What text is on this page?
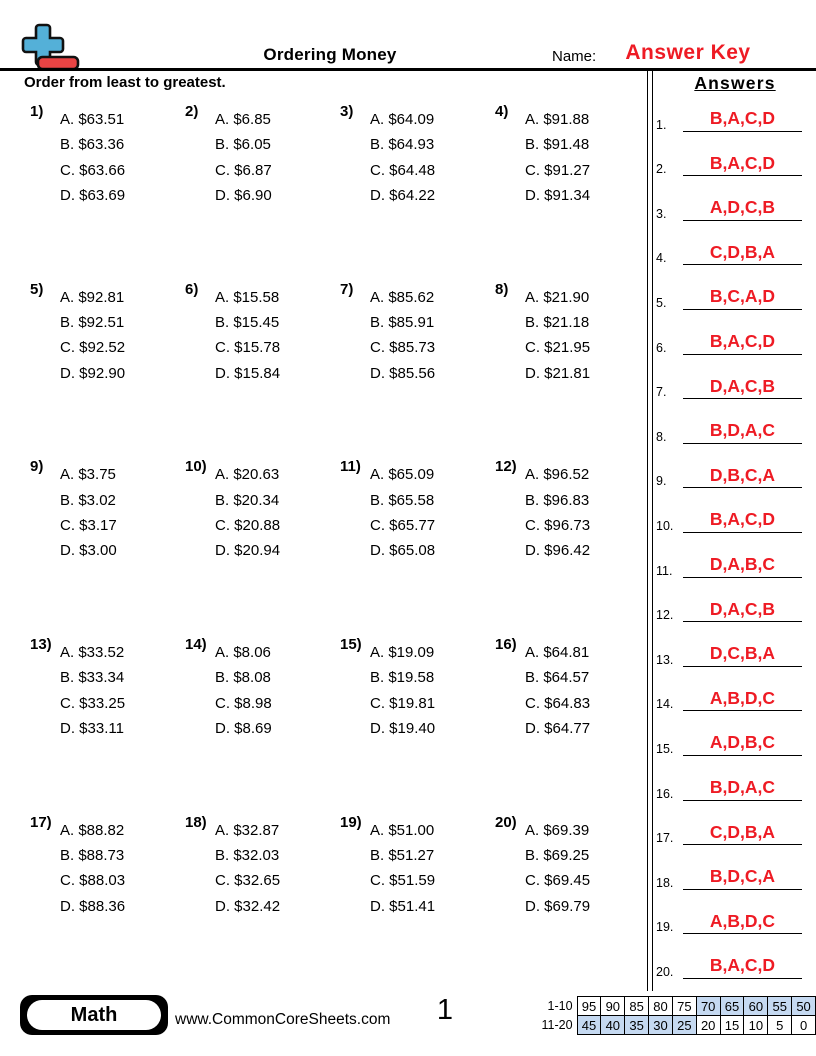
Ordering Money	Name:	Answer Key
Order from least to greatest.
1) A. $63.51
B. $63.36
C. $63.66
D. $63.69
2) A. $6.85
B. $6.05
C. $6.87
D. $6.90
3) A. $64.09
B. $64.93
C. $64.48
D. $64.22
4) A. $91.88
B. $91.48
C. $91.27
D. $91.34
5) A. $92.81
B. $92.51
C. $92.52
D. $92.90
6) A. $15.58
B. $15.45
C. $15.78
D. $15.84
7) A. $85.62
B. $85.91
C. $85.73
D. $85.56
8) A. $21.90
B. $21.18
C. $21.95
D. $21.81
9) A. $3.75
B. $3.02
C. $3.17
D. $3.00
10) A. $20.63
B. $20.34
C. $20.88
D. $20.94
11) A. $65.09
B. $65.58
C. $65.77
D. $65.08
12) A. $96.52
B. $96.83
C. $96.73
D. $96.42
13) A. $33.52
B. $33.34
C. $33.25
D. $33.11
14) A. $8.06
B. $8.08
C. $8.98
D. $8.69
15) A. $19.09
B. $19.58
C. $19.81
D. $19.40
16) A. $64.81
B. $64.57
C. $64.83
D. $64.77
17) A. $88.82
B. $88.73
C. $88.03
D. $88.36
18) A. $32.87
B. $32.03
C. $32.65
D. $32.42
19) A. $51.00
B. $51.27
C. $51.59
D. $51.41
20) A. $69.39
B. $69.25
C. $69.45
D. $69.79
Answers
1.	B,A,C,D
2.	B,A,C,D
3.	A,D,C,B
4.	C,D,B,A
5.	B,C,A,D
6.	B,A,C,D
7.	D,A,C,B
8.	B,D,A,C
9.	D,B,C,A
10.	B,A,C,D
11.	D,A,B,C
12.	D,A,C,B
13.	D,C,B,A
14.	A,B,D,C
15.	A,D,B,C
16.	B,D,A,C
17.	C,D,B,A
18.	B,D,C,A
19.	A,B,D,C
20.	B,A,C,D
Math	www.CommonCoreSheets.com	1	1-10	95	90	85	80	75	70	65	60	55	50
11-20	45	40	35	30	25	20	15	10	5	0
